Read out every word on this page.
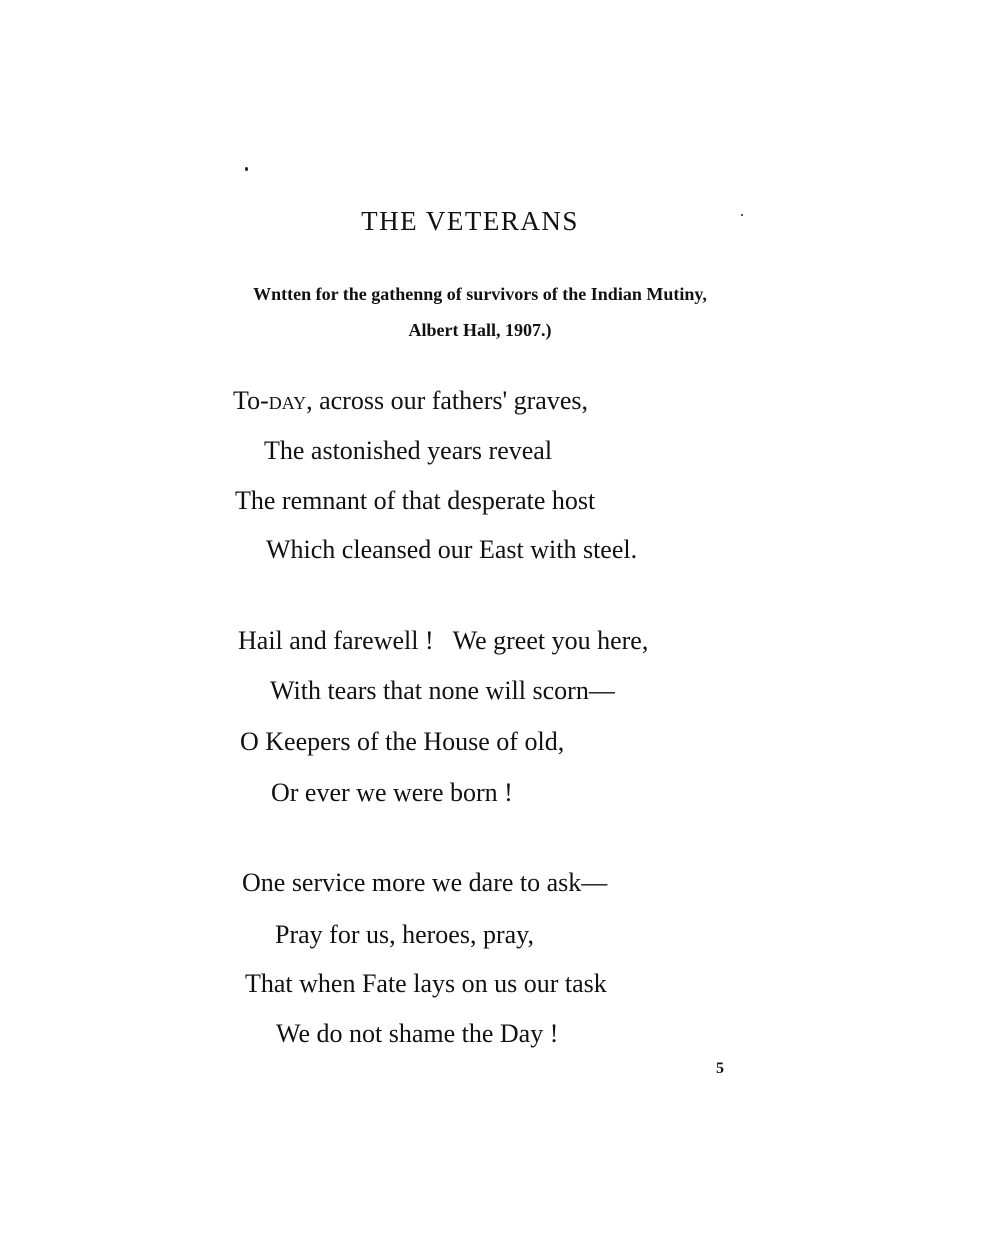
THE VETERANS

Wntten for the gathenng of survivors of the Indian Mutiny,

Albert Hall, 1907.)

To-day, across our fathers' graves,

The astonished years reveal

The remnant of that desperate host

Which cleansed our East with steel.

Hail and farewell !   We greet you here,

With tears that none will scorn—

O Keepers of the House of old,

Or ever we were born !

One service more we dare to ask—

Pray for us, heroes, pray,

That when Fate lays on us our task

We do not shame the Day !

5
